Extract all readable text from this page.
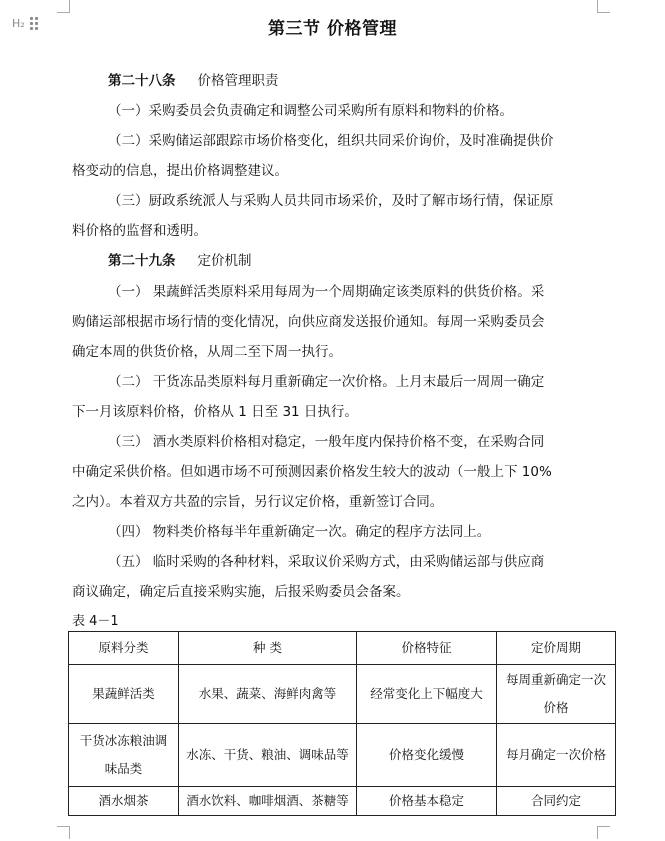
H₂	第三节 价格管理
第二十八条 价格管理职责
（一）采购委员会负责确定和调整公司采购所有原料和物料的价格。
（二）采购储运部跟踪市场价格变化，组织共同采价询价，及时准确提供价
格变动的信息，提出价格调整建议。
（三）厨政系统派人与采购人员共同市场采价，及时了解市场行情，保证原
料价格的监督和透明。
第二十九条 定价机制
（一） 果蔬鲜活类原料采用每周为一个周期确定该类原料的供货价格。采
购储运部根据市场行情的变化情况，向供应商发送报价通知。每周一采购委员会
确定本周的供货价格，从周二至下周一执行。
（二） 干货冻品类原料每月重新确定一次价格。上月末最后一周周一确定
下一月该原料价格，价格从 1 日至 31 日执行。
（三） 酒水类原料价格相对稳定，一般年度内保持价格不变，在采购合同
中确定采供价格。但如遇市场不可预测因素价格发生较大的波动（一般上下 10%
之内）。本着双方共盈的宗旨，另行议定价格，重新签订合同。
（四） 物料类价格每半年重新确定一次。确定的程序方法同上。
（五） 临时采购的各种材料，采取议价采购方式，由采购储运部与供应商
商议确定，确定后直接采购实施，后报采购委员会备案。
表 4－1
原料分类	种 类	价格特征	定价周期
果蔬鲜活类	水果、蔬菜、海鲜肉禽等	经常变化上下幅度大	每周重新确定一次价格
干货冰冻粮油调味品类	水冻、干货、粮油、调味品等	价格变化缓慢	每月确定一次价格
酒水烟茶	酒水饮料、咖啡烟酒、茶糖等	价格基本稳定	合同约定
